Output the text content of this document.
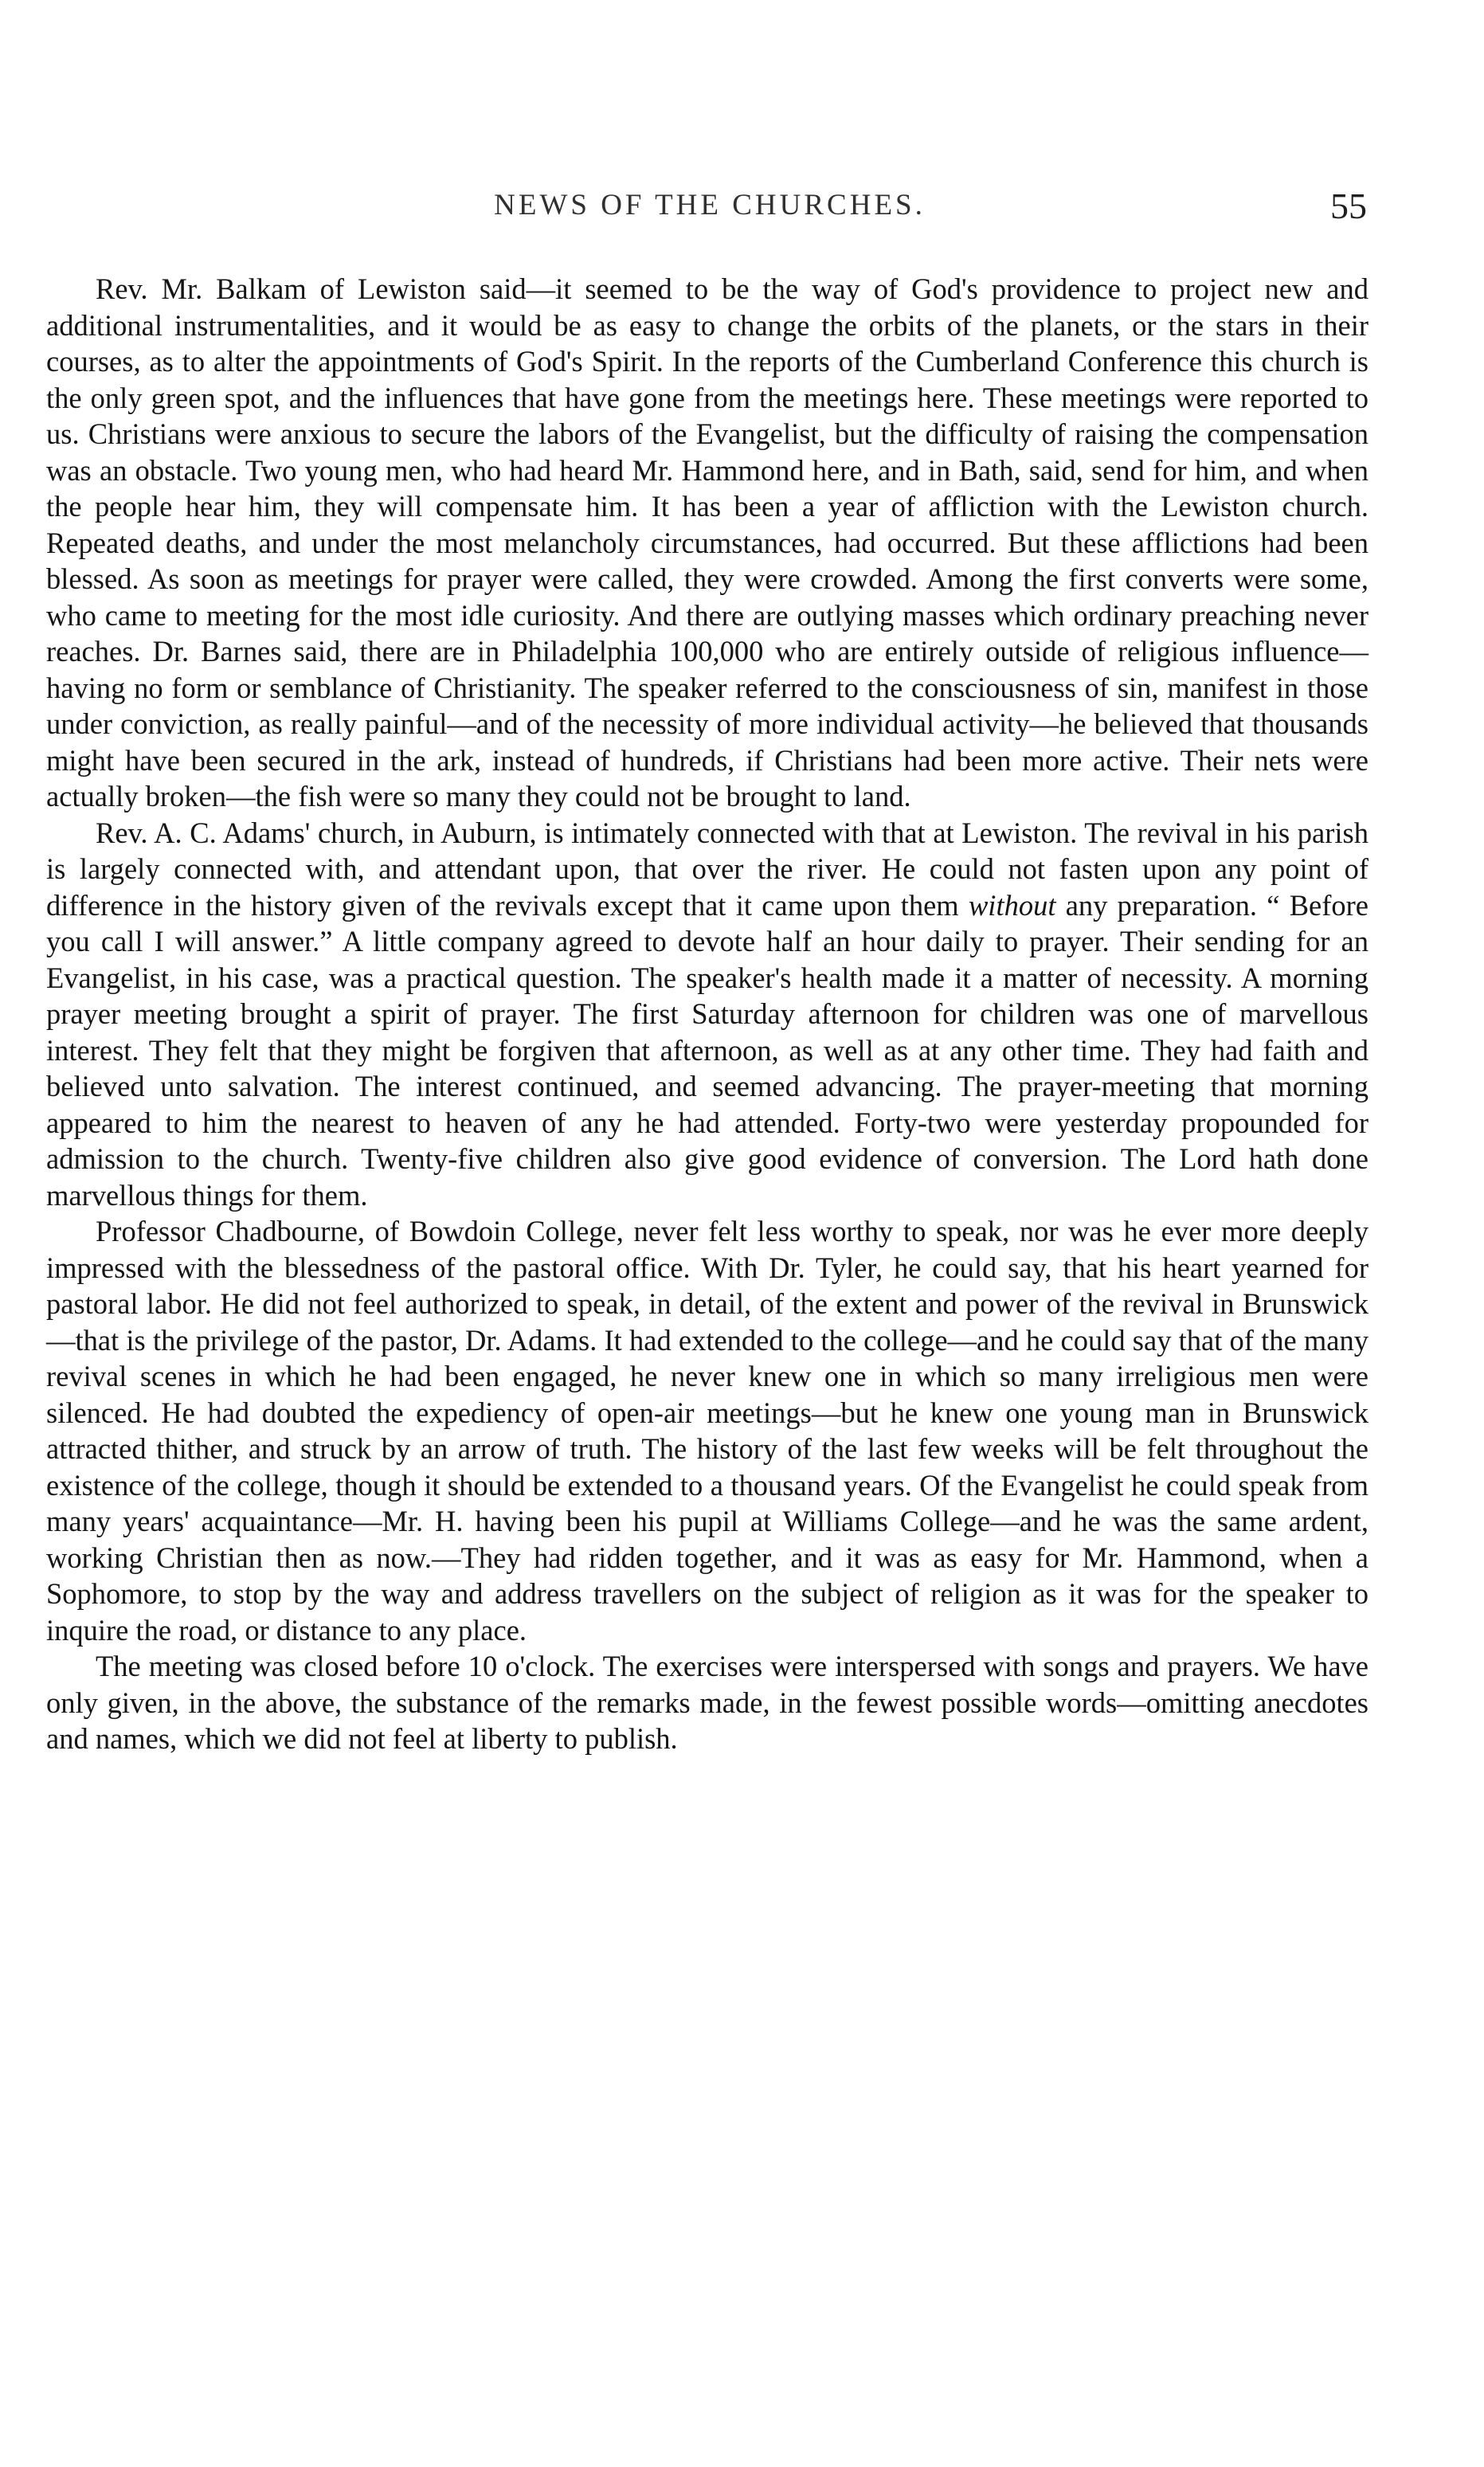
NEWS OF THE CHURCHES.	55

Rev. Mr. Balkam of Lewiston said—it seemed to be the way of God's providence to project new and additional instrumentalities, and it would be as easy to change the orbits of the planets, or the stars in their courses, as to alter the appointments of God's Spirit. In the reports of the Cumberland Conference this church is the only green spot, and the influences that have gone from the meetings here. These meetings were reported to us. Christians were anxious to secure the labors of the Evangelist, but the difficulty of raising the compensation was an obstacle. Two young men, who had heard Mr. Hammond here, and in Bath, said, send for him, and when the people hear him, they will compensate him. It has been a year of affliction with the Lewiston church. Repeated deaths, and under the most melancholy circumstances, had occurred. But these afflictions had been blessed. As soon as meetings for prayer were called, they were crowded. Among the first converts were some, who came to meeting for the most idle curiosity. And there are outlying masses which ordinary preaching never reaches. Dr. Barnes said, there are in Philadelphia 100,000 who are entirely outside of religious influence—having no form or semblance of Christianity. The speaker referred to the consciousness of sin, manifest in those under conviction, as really painful—and of the necessity of more individual activity—he believed that thousands might have been secured in the ark, instead of hundreds, if Christians had been more active. Their nets were actually broken—the fish were so many they could not be brought to land.

Rev. A. C. Adams' church, in Auburn, is intimately connected with that at Lewiston. The revival in his parish is largely connected with, and attendant upon, that over the river. He could not fasten upon any point of difference in the history given of the revivals except that it came upon them without any preparation. “ Before you call I will answer.” A little company agreed to devote half an hour daily to prayer. Their sending for an Evangelist, in his case, was a practical question. The speaker's health made it a matter of necessity. A morning prayer meeting brought a spirit of prayer. The first Saturday afternoon for children was one of marvellous interest. They felt that they might be forgiven that afternoon, as well as at any other time. They had faith and believed unto salvation. The interest continued, and seemed advancing. The prayer-meeting that morning appeared to him the nearest to heaven of any he had attended. Forty-two were yesterday propounded for admission to the church. Twenty-five children also give good evidence of conversion. The Lord hath done marvellous things for them.

Professor Chadbourne, of Bowdoin College, never felt less worthy to speak, nor was he ever more deeply impressed with the blessedness of the pastoral office. With Dr. Tyler, he could say, that his heart yearned for pastoral labor. He did not feel authorized to speak, in detail, of the extent and power of the revival in Brunswick—that is the privilege of the pastor, Dr. Adams. It had extended to the college—and he could say that of the many revival scenes in which he had been engaged, he never knew one in which so many irreligious men were silenced. He had doubted the expediency of open-air meetings—but he knew one young man in Brunswick attracted thither, and struck by an arrow of truth. The history of the last few weeks will be felt throughout the existence of the college, though it should be extended to a thousand years. Of the Evangelist he could speak from many years' acquaintance—Mr. H. having been his pupil at Williams College—and he was the same ardent, working Christian then as now.—They had ridden together, and it was as easy for Mr. Hammond, when a Sophomore, to stop by the way and address travellers on the subject of religion as it was for the speaker to inquire the road, or distance to any place.

The meeting was closed before 10 o'clock. The exercises were interspersed with songs and prayers. We have only given, in the above, the substance of the remarks made, in the fewest possible words—omitting anecdotes and names, which we did not feel at liberty to publish.
